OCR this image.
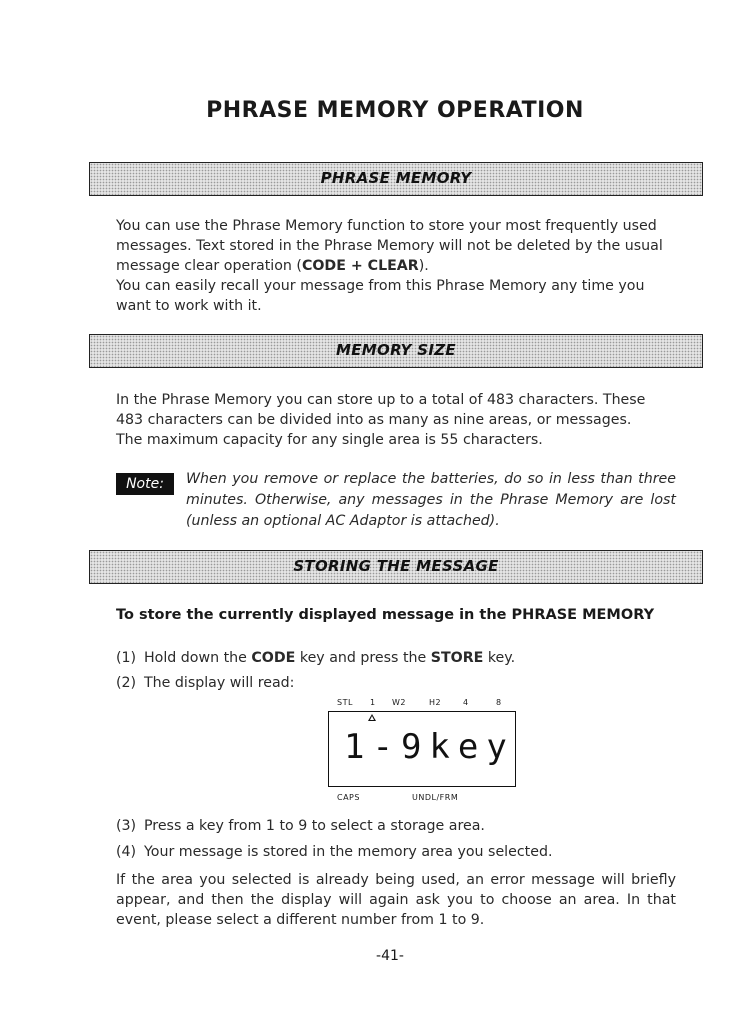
PHRASE MEMORY OPERATION
PHRASE MEMORY
You can use the Phrase Memory function to store your most frequently used messages. Text stored in the Phrase Memory will not be deleted by the usual message clear operation (CODE + CLEAR).
You can easily recall your message from this Phrase Memory any time you want to work with it.
MEMORY SIZE
In the Phrase Memory you can store up to a total of 483 characters. These 483 characters can be divided into as many as nine areas, or messages.
The maximum capacity for any single area is 55 characters.
Note:	When you remove or replace the batteries, do so in less than three minutes. Otherwise, any messages in the Phrase Memory are lost (unless an optional AC Adaptor is attached).
STORING THE MESSAGE
To store the currently displayed message in the PHRASE MEMORY
(1) Hold down the CODE key and press the STORE key.
(2) The display will read:
STL 1 W2	H2	4	8
1-9key
CAPS	UNDL/FRM
(3) Press a key from 1 to 9 to select a storage area.
(4) Your message is stored in the memory area you selected.
If the area you selected is already being used, an error message will briefly appear, and then the display will again ask you to choose an area. In that event, please select a different number from 1 to 9.
-41-
